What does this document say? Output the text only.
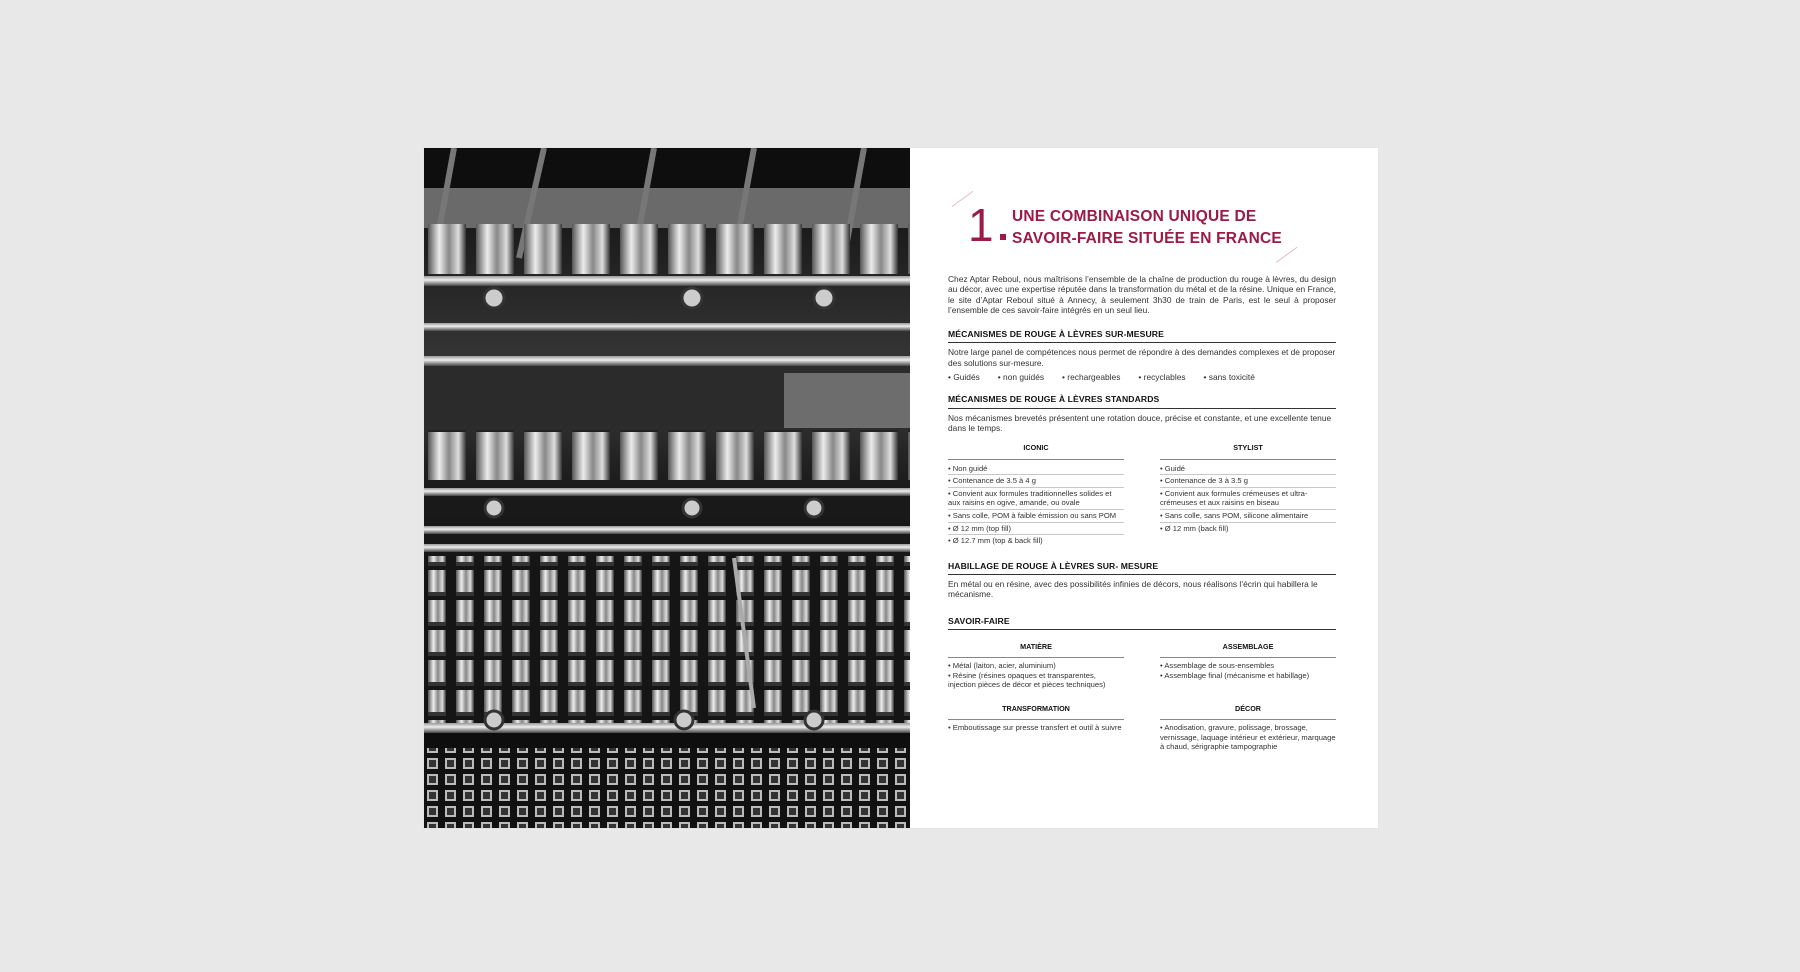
1 UNE COMBINAISON UNIQUE DE
SAVOIR-FAIRE SITUÉE EN FRANCE

Chez Aptar Reboul, nous maîtrisons l’ensemble de la chaîne de production du rouge à lèvres, du design au décor, avec une expertise réputée dans la transformation du métal et de la résine. Unique en France, le site d’Aptar Reboul situé à Annecy, à seulement 3h30 de train de Paris, est le seul à proposer l’ensemble de ces savoir-faire intégrés en un seul lieu.

MÉCANISMES DE ROUGE À LÈVRES SUR-MESURE

Notre large panel de compétences nous permet de répondre à des demandes complexes et de proposer des solutions sur-mesure.

• Guidés • non guidés • rechargeables • recyclables • sans toxicité
MÉCANISMES DE ROUGE À LÈVRES STANDARDS

Nos mécanismes brevetés présentent une rotation douce, précise et constante, et une excellente tenue dans le temps.

ICONIC
• Non guidé
• Contenance de 3.5 à 4 g
• Convient aux formules traditionnelles solides et aux raisins en ogive, amande, ou ovale
• Sans colle, POM à faible émission ou sans POM
• Ø 12 mm (top fill)
• Ø 12.7 mm (top & back fill)
STYLIST
• Guidé
• Contenance de 3 à 3.5 g
• Convient aux formules crémeuses et ultra-crémeuses et aux raisins en biseau
• Sans colle, sans POM, silicone alimentaire
• Ø 12 mm (back fill)
HABILLAGE DE ROUGE À LÈVRES SUR- MESURE

En métal ou en résine, avec des possibilités infinies de décors, nous réalisons l’écrin qui habillera le mécanisme.

SAVOIR-FAIRE
MATIÈRE
• Métal (laiton, acier, aluminium)
• Résine (résines opaques et transparentes, injection pièces de décor et pièces techniques)
ASSEMBLAGE
• Assemblage de sous-ensembles
• Assemblage final (mécanisme et habillage)
TRANSFORMATION
• Emboutissage sur presse transfert et outil à suivre
DÉCOR
• Anodisation, gravure, polissage, brossage, vernissage, laquage intérieur et extérieur, marquage à chaud, sérigraphie tampographie
